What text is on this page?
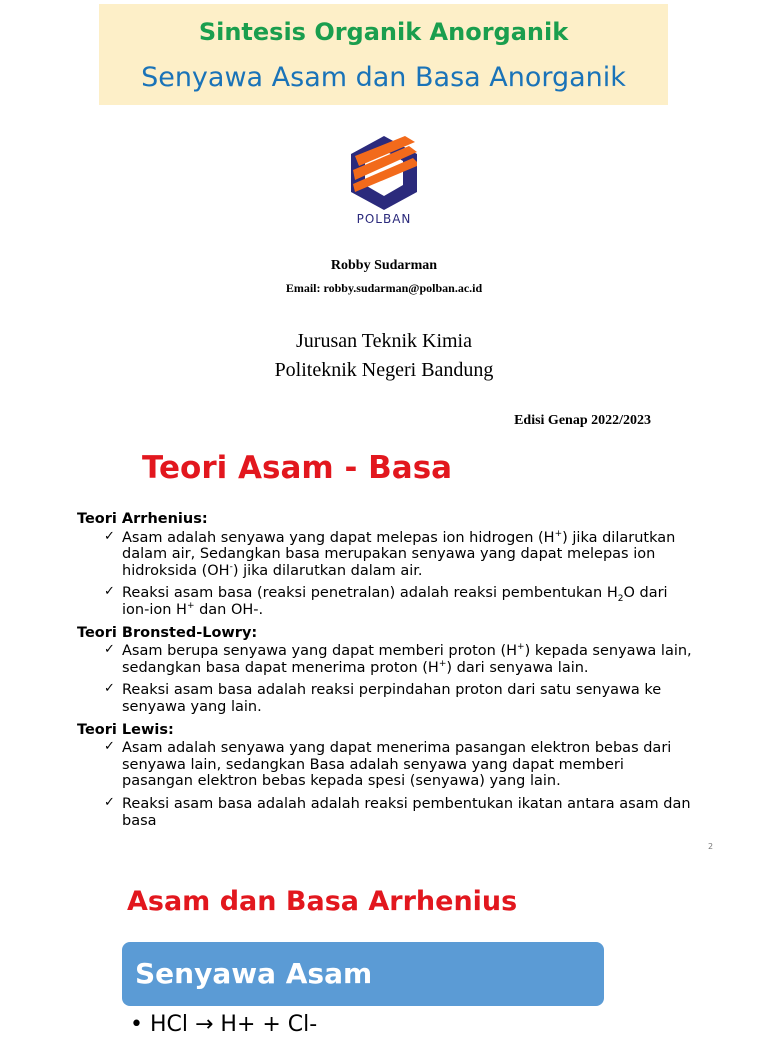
Sintesis Organik Anorganik
Senyawa Asam dan Basa Anorganik
POLBAN
Robby Sudarman
Email: robby.sudarman@polban.ac.id
Jurusan Teknik Kimia
Politeknik Negeri Bandung
Edisi Genap 2022/2023
Teori Asam - Basa
Teori Arrhenius:
✓ Asam adalah senyawa yang dapat melepas ion hidrogen (H+) jika dilarutkan dalam air, Sedangkan basa merupakan senyawa yang dapat melepas ion hidroksida (OH-) jika dilarutkan dalam air.
✓ Reaksi asam basa (reaksi penetralan) adalah reaksi pembentukan $H_2O$ dari ion-ion H+ dan OH-.
Teori Bronsted-Lowry:
✓ Asam berupa senyawa yang dapat memberi proton (H+) kepada senyawa lain, sedangkan basa dapat menerima proton (H+) dari senyawa lain.
✓ Reaksi asam basa adalah reaksi perpindahan proton dari satu senyawa ke senyawa yang lain.
Teori Lewis:
✓ Asam adalah senyawa yang dapat menerima pasangan elektron bebas dari senyawa lain, sedangkan Basa adalah senyawa yang dapat memberi pasangan elektron bebas kepada spesi (senyawa) yang lain.
✓ Reaksi asam basa adalah adalah reaksi pembentukan ikatan antara asam dan basa
2
Asam dan Basa Arrhenius
Senyawa Asam
• HCl → H+ + Cl-
